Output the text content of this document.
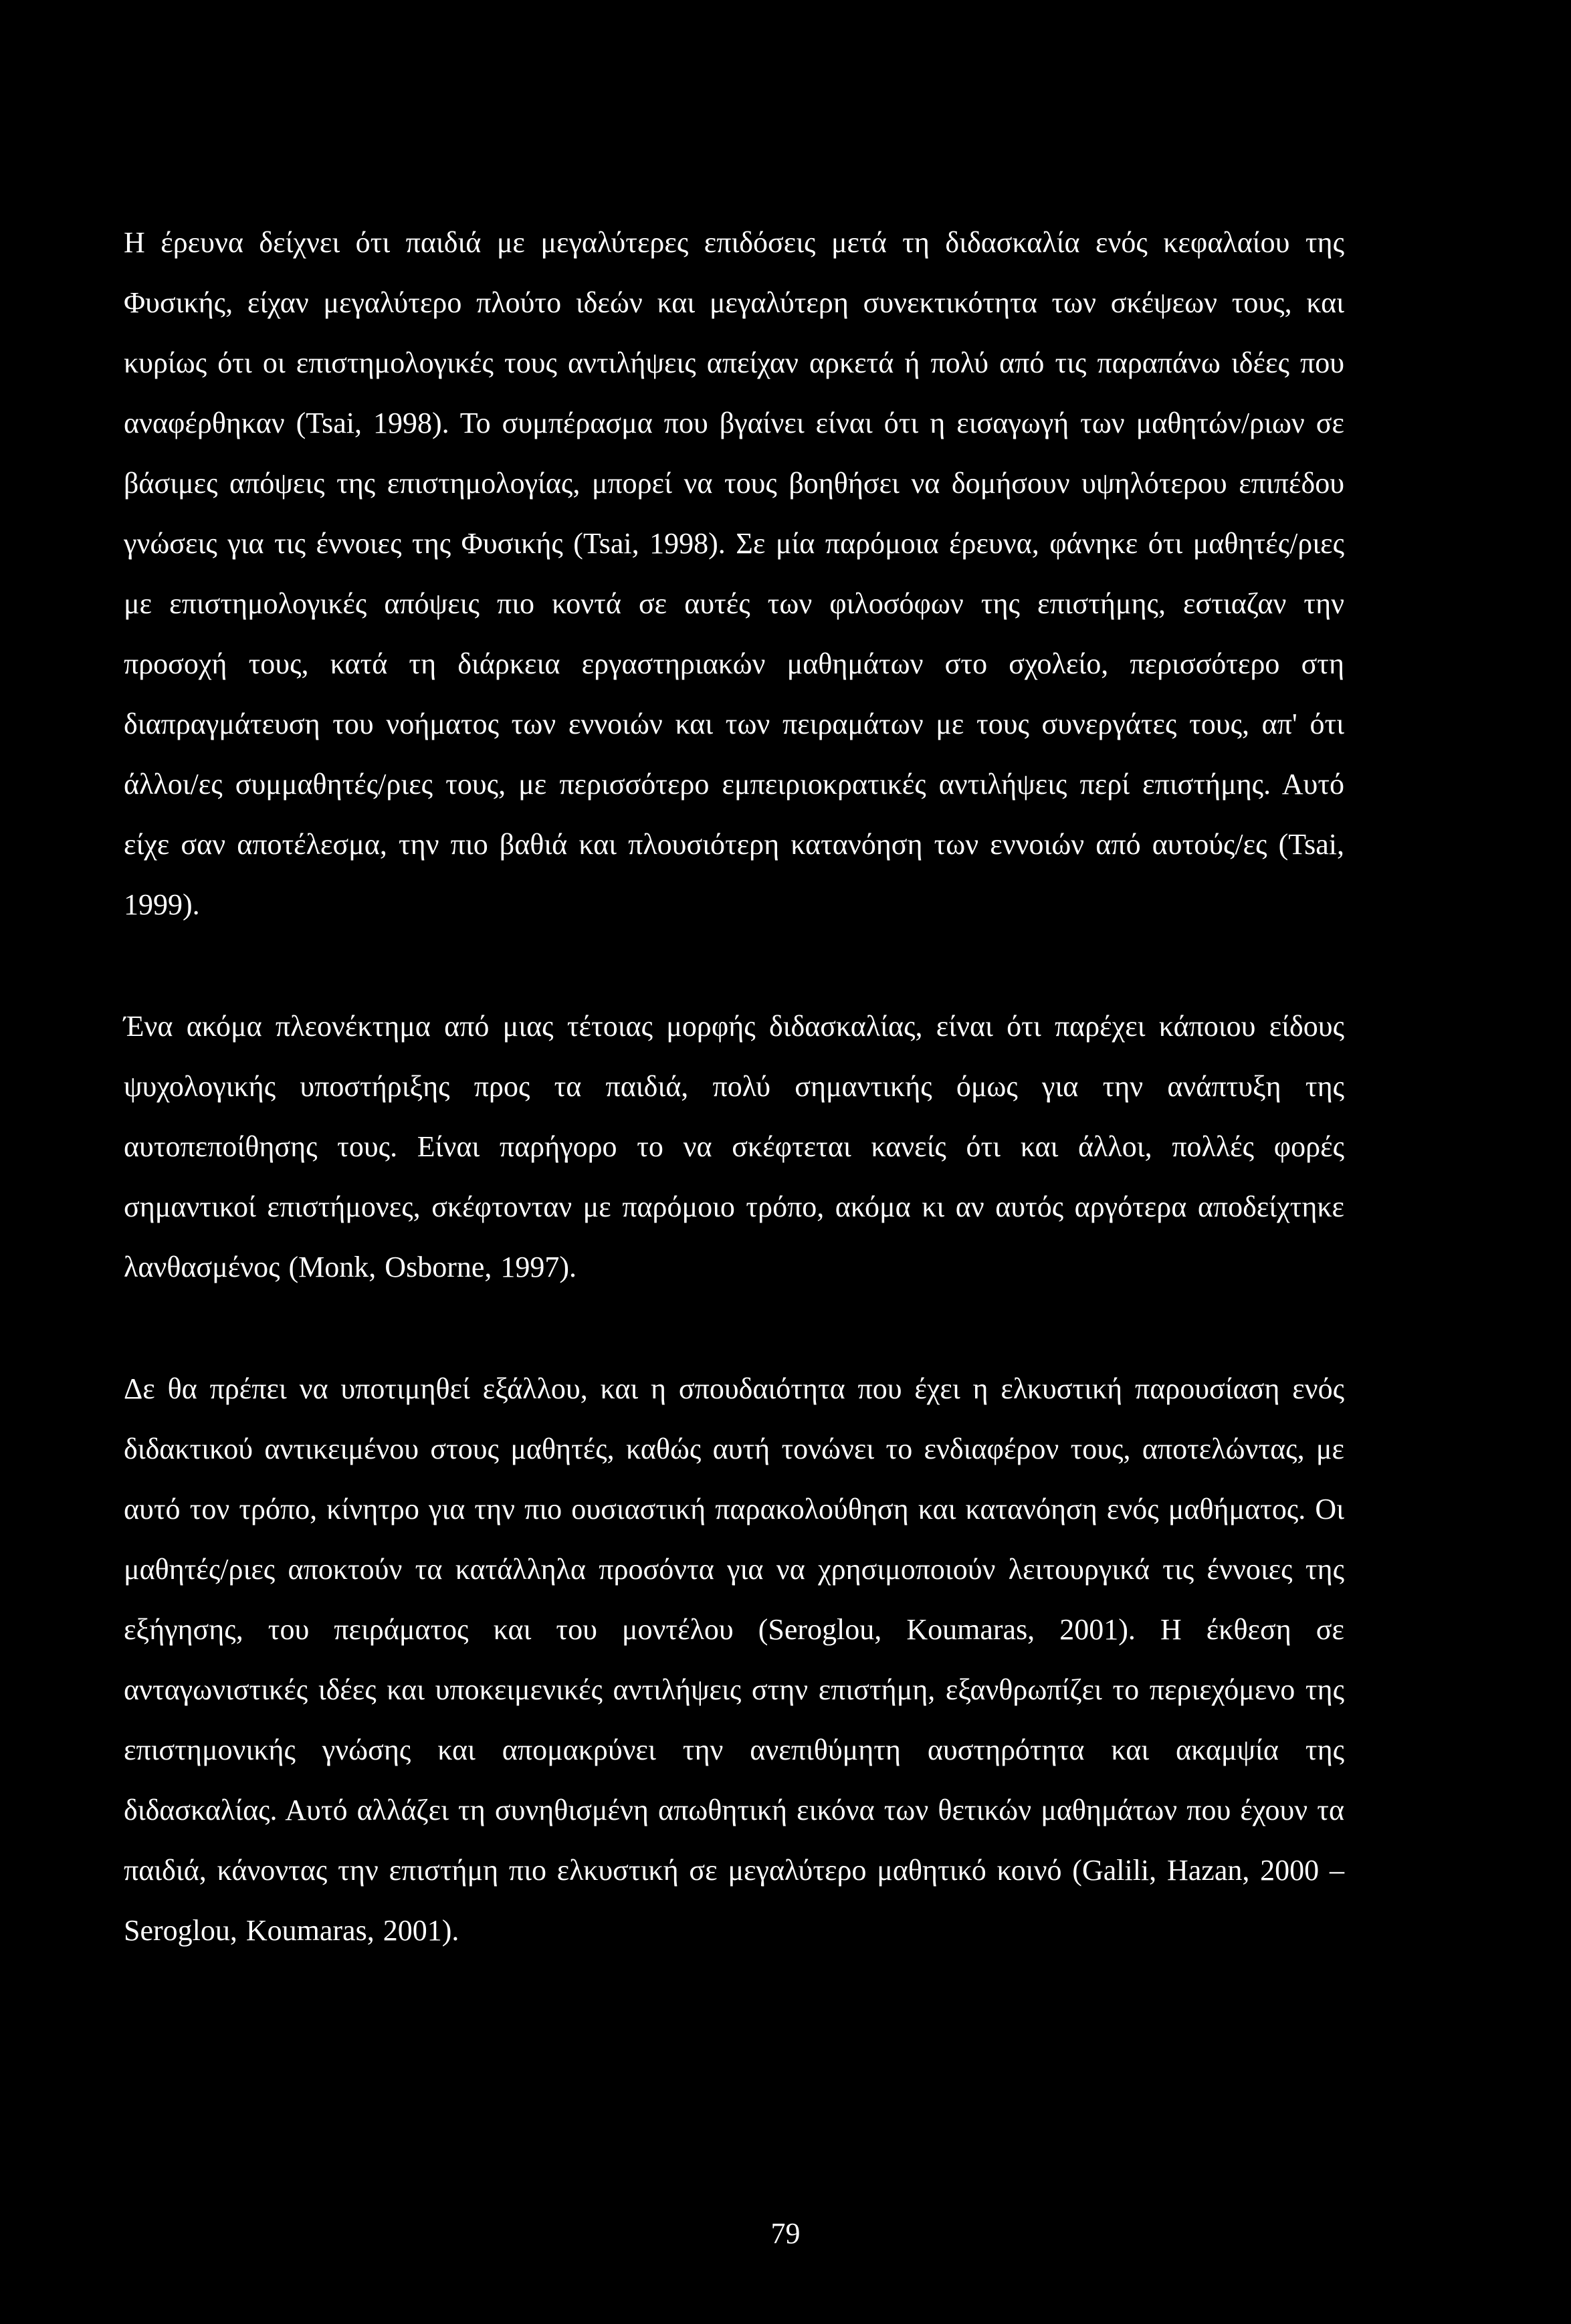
Η έρευνα δείχνει ότι παιδιά με μεγαλύτερες επιδόσεις μετά τη διδασκαλία ενός κεφαλαίου της Φυσικής, είχαν μεγαλύτερο πλούτο ιδεών και μεγαλύτερη συνεκτικότητα των σκέψεων τους, και κυρίως ότι οι επιστημολογικές τους αντιλήψεις απείχαν αρκετά ή πολύ από τις παραπάνω ιδέες που αναφέρθηκαν (Tsai, 1998). Το συμπέρασμα που βγαίνει είναι ότι η εισαγωγή των μαθητών/ριων σε βάσιμες απόψεις της επιστημολογίας, μπορεί να τους βοηθήσει να δομήσουν υψηλότερου επιπέδου γνώσεις για τις έννοιες της Φυσικής (Tsai, 1998). Σε μία παρόμοια έρευνα, φάνηκε ότι μαθητές/ριες με επιστημολογικές απόψεις πιο κοντά σε αυτές των φιλοσόφων της επιστήμης, εστιαζαν την προσοχή τους, κατά τη διάρκεια εργαστηριακών μαθημάτων στο σχολείο, περισσότερο στη διαπραγμάτευση του νοήματος των εννοιών και των πειραμάτων με τους συνεργάτες τους, απ' ότι άλλοι/ες συμμαθητές/ριες τους, με περισσότερο εμπειριοκρατικές αντιλήψεις περί επιστήμης. Αυτό είχε σαν αποτέλεσμα, την πιο βαθιά και πλουσιότερη κατανόηση των εννοιών από αυτούς/ες (Tsai, 1999).

Ένα ακόμα πλεονέκτημα από μιας τέτοιας μορφής διδασκαλίας, είναι ότι παρέχει κάποιου είδους ψυχολογικής υποστήριξης προς τα παιδιά, πολύ σημαντικής όμως για την ανάπτυξη της αυτοπεποίθησης τους. Είναι παρήγορο το να σκέφτεται κανείς ότι και άλλοι, πολλές φορές σημαντικοί επιστήμονες, σκέφτονταν με παρόμοιο τρόπο, ακόμα κι αν αυτός αργότερα αποδείχτηκε λανθασμένος (Monk, Osborne, 1997).

Δε θα πρέπει να υποτιμηθεί εξάλλου, και η σπουδαιότητα που έχει η ελκυστική παρουσίαση ενός διδακτικού αντικειμένου στους μαθητές, καθώς αυτή τονώνει το ενδιαφέρον τους, αποτελώντας, με αυτό τον τρόπο, κίνητρο για την πιο ουσιαστική παρακολούθηση και κατανόηση ενός μαθήματος. Οι μαθητές/ριες αποκτούν τα κατάλληλα προσόντα για να χρησιμοποιούν λειτουργικά τις έννοιες της εξήγησης, του πειράματος και του μοντέλου (Seroglou, Koumaras, 2001). Η έκθεση σε ανταγωνιστικές ιδέες και υποκειμενικές αντιλήψεις στην επιστήμη, εξανθρωπίζει το περιεχόμενο της επιστημονικής γνώσης και απομακρύνει την ανεπιθύμητη αυστηρότητα και ακαμψία της διδασκαλίας. Αυτό αλλάζει τη συνηθισμένη απωθητική εικόνα των θετικών μαθημάτων που έχουν τα παιδιά, κάνοντας την επιστήμη πιο ελκυστική σε μεγαλύτερο μαθητικό κοινό (Galili, Hazan, 2000 – Seroglou, Koumaras, 2001).

79
